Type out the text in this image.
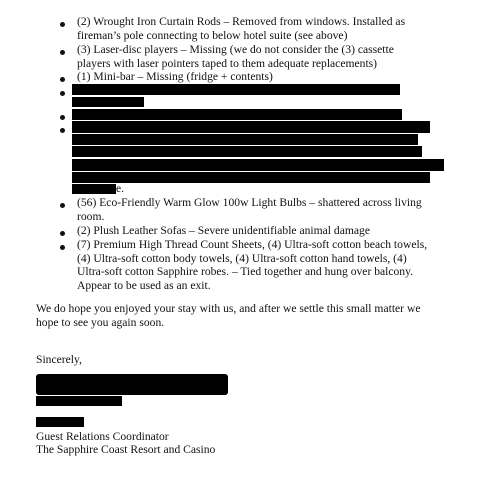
(2) Wrought Iron Curtain Rods – Removed from windows. Installed as
fireman’s pole connecting to below hotel suite (see above)
(3) Laser-disc players – Missing (we do not consider the (3) cassette
players with laser pointers taped to them adequate replacements)
(1) Mini-bar – Missing (fridge + contents)
e.
(56) Eco-Friendly Warm Glow 100w Light Bulbs – shattered across living
room.
(2) Plush Leather Sofas – Severe unidentifiable animal damage
(7) Premium High Thread Count Sheets, (4) Ultra-soft cotton beach towels,
(4) Ultra-soft cotton body towels, (4) Ultra-soft cotton hand towels, (4)
Ultra-soft cotton Sapphire robes. – Tied together and hung over balcony.
Appear to be used as an exit.
We do hope you enjoyed your stay with us, and after we settle this small matter we
hope to see you again soon.
Sincerely,
Guest Relations Coordinator
The Sapphire Coast Resort and Casino
